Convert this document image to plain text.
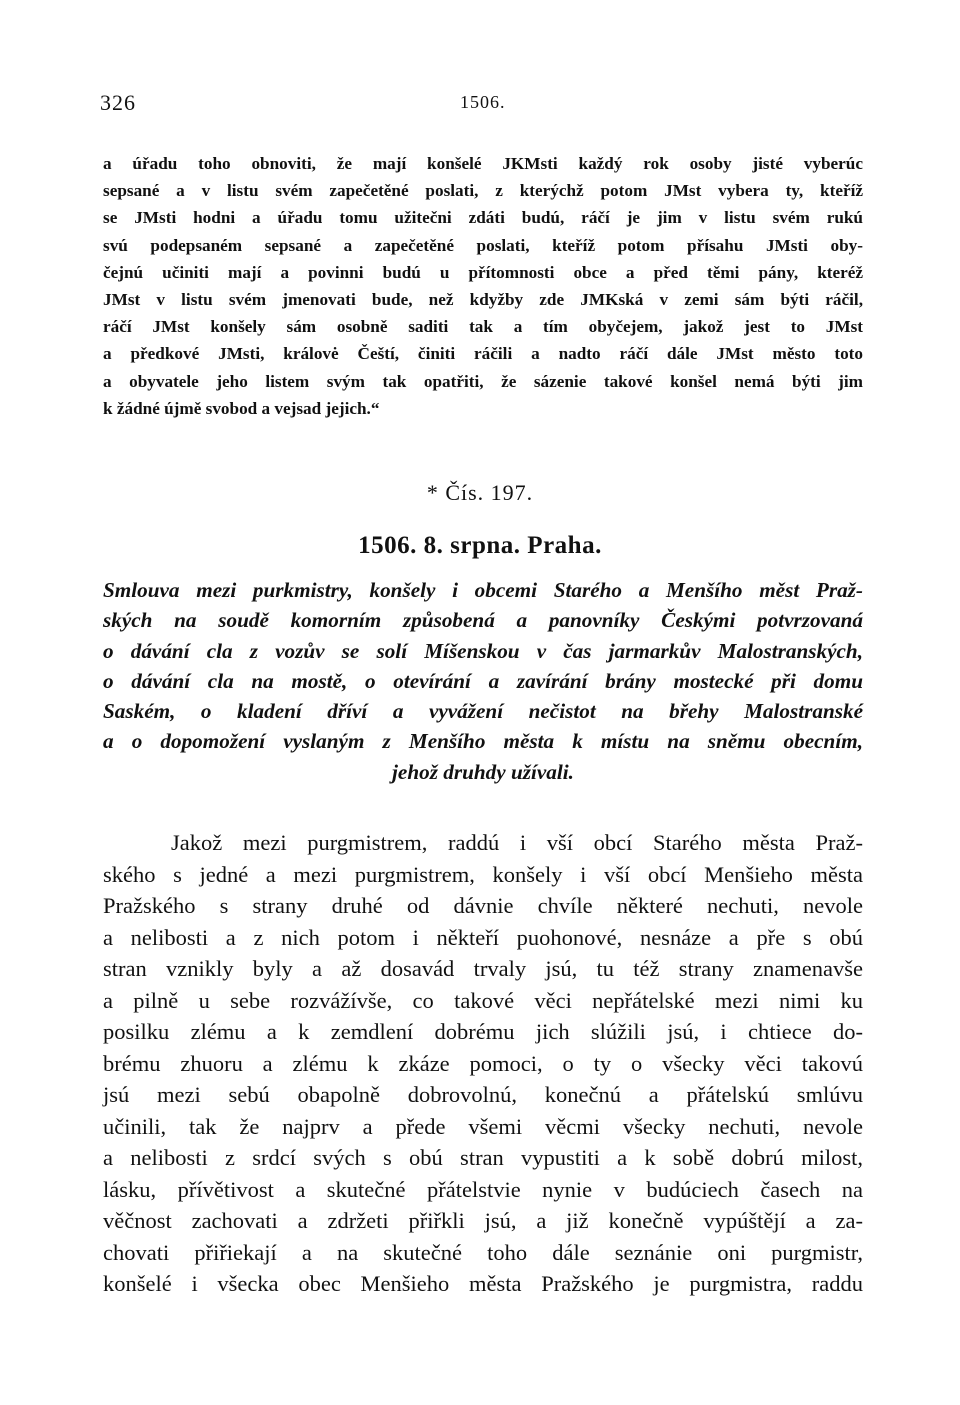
326	1506.
a úřadu toho obnoviti, že mají konšelé JKMsti každý rok osoby jisté vyberúc
sepsané a v listu svém zapečetěné poslati, z kterýchž potom JMst vybera ty, kteříž
se JMsti hodni a úřadu tomu užitečni zdáti budú, ráčí je jim v listu svém rukú
svú podepsaném sepsané a zapečetěné poslati, kteříž potom přísahu JMsti oby-
čejnú učiniti mají a povinni budú u přítomnosti obce a před těmi pány, kteréž
JMst v listu svém jmenovati bude, než kdyžby zde JMKská v zemi sám býti ráčil,
ráčí JMst konšely sám osobně saditi tak a tím obyčejem, jakož jest to JMst
a předkové JMsti, královė Čeští, činiti ráčili a nadto ráčí dále JMst město toto
a obyvatele jeho listem svým tak opatřiti, že sázenie takové konšel nemá býti jim
k žádné újmě svobod a vejsad jejich.“
* Čís. 197.
1506. 8. srpna. Praha.
Smlouva mezi purkmistry, konšely i obcemi Starého a Menšího měst Praž-
ských na soudě komorním způsobená a panovníky Českými potvrzovaná
o dávání cla z vozův se solí Míšenskou v čas jarmarkův Malostranských,
o dávání cla na mostě, o otevírání a zavírání brány mostecké při domu
Saském, o kladení dříví a vyvážení nečistot na břehy Malostranské
a o dopomožení vyslaným z Menšího města k místu na sněmu obecním,
jehož druhdy užívali.
Jakož mezi purgmistrem, raddú i vší obcí Starého města Praž-
ského s jedné a mezi purgmistrem, konšely i vší obcí Menšieho města
Pražského s strany druhé od dávnie chvíle některé nechuti, nevole
a nelibosti a z nich potom i někteří puohonové, nesnáze a pře s obú
stran vznikly byly a až dosavád trvaly jsú, tu též strany znamenavše
a pilně u sebe rozvážívše, co takové věci nepřátelské mezi nimi ku
posilku zlému a k zemdlení dobrému jich slúžili jsú, i chtiece do-
brému zhuoru a zlému k zkáze pomoci, o ty o všecky věci takovú
jsú mezi sebú obapolně dobrovolnú, konečnú a přátelskú smlúvu
učinili, tak že najprv a přede všemi věcmi všecky nechuti, nevole
a nelibosti z srdcí svých s obú stran vypustiti a k sobě dobrú milost,
lásku, přívětivost a skutečné přátelstvie nynie v budúciech časech na
věčnost zachovati a zdržeti přiřkli jsú, a již konečně vypúštějí a za-
chovati přiřiekají a na skutečné toho dále seznánie oni purgmistr,
konšelé i všecka obec Menšieho města Pražského je purgmistra, raddu
